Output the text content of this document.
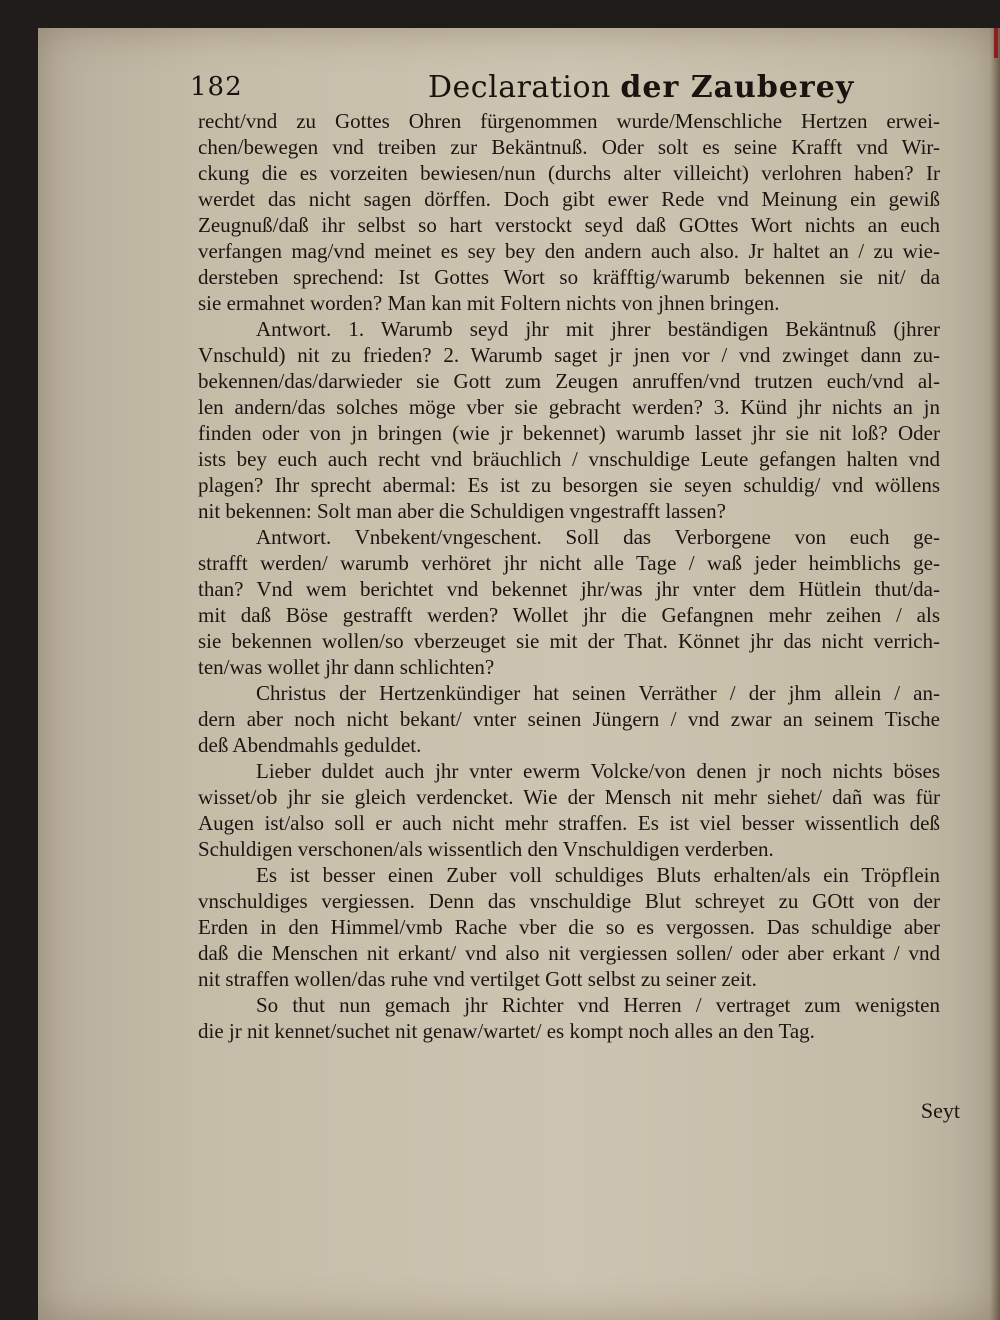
182	Declaration der Zauberey
recht/vnd zu Gottes Ohren fürgenommen wurde/Menschliche Hertzen erwei-
chen/bewegen vnd treiben zur Bekäntnuß. Oder solt es seine Krafft vnd Wir-
ckung die es vorzeiten bewiesen/nun (durchs alter villeicht) verlohren haben? Ir
werdet das nicht sagen dörffen. Doch gibt ewer Rede vnd Meinung ein gewiß
Zeugnuß/daß ihr selbst so hart verstockt seyd daß GOttes Wort nichts an euch
verfangen mag/vnd meinet es sey bey den andern auch also. Jr haltet an / zu wie-
dersteben sprechend: Ist Gottes Wort so kräfftig/warumb bekennen sie nit/ da
sie ermahnet worden? Man kan mit Foltern nichts von jhnen bringen.
Antwort. 1. Warumb seyd jhr mit jhrer beständigen Bekäntnuß (jhrer
Vnschuld) nit zu frieden? 2. Warumb saget jr jnen vor / vnd zwinget dann zu-
bekennen/das/darwieder sie Gott zum Zeugen anruffen/vnd trutzen euch/vnd al-
len andern/das solches möge vber sie gebracht werden? 3. Künd jhr nichts an jn
finden oder von jn bringen (wie jr bekennet) warumb lasset jhr sie nit loß? Oder
ists bey euch auch recht vnd bräuchlich / vnschuldige Leute gefangen halten vnd
plagen? Ihr sprecht abermal: Es ist zu besorgen sie seyen schuldig/ vnd wöllens
nit bekennen: Solt man aber die Schuldigen vngestrafft lassen?
Antwort. Vnbekent/vngeschent. Soll das Verborgene von euch ge-
strafft werden/ warumb verhöret jhr nicht alle Tage / waß jeder heimblichs ge-
than? Vnd wem berichtet vnd bekennet jhr/was jhr vnter dem Hütlein thut/da-
mit daß Böse gestrafft werden? Wollet jhr die Gefangnen mehr zeihen / als
sie bekennen wollen/so vberzeuget sie mit der That. Könnet jhr das nicht verrich-
ten/was wollet jhr dann schlichten?
Christus der Hertzenkündiger hat seinen Verräther / der jhm allein / an-
dern aber noch nicht bekant/ vnter seinen Jüngern / vnd zwar an seinem Tische
deß Abendmahls geduldet.
Lieber duldet auch jhr vnter ewerm Volcke/von denen jr noch nichts böses
wisset/ob jhr sie gleich verdencket. Wie der Mensch nit mehr siehet/ dañ was für
Augen ist/also soll er auch nicht mehr straffen. Es ist viel besser wissentlich deß
Schuldigen verschonen/als wissentlich den Vnschuldigen verderben.
Es ist besser einen Zuber voll schuldiges Bluts erhalten/als ein Tröpflein
vnschuldiges vergiessen. Denn das vnschuldige Blut schreyet zu GOtt von der
Erden in den Himmel/vmb Rache vber die so es vergossen. Das schuldige aber
daß die Menschen nit erkant/ vnd also nit vergiessen sollen/ oder aber erkant / vnd
nit straffen wollen/das ruhe vnd vertilget Gott selbst zu seiner zeit.
So thut nun gemach jhr Richter vnd Herren / vertraget zum wenigsten
die jr nit kennet/suchet nit genaw/wartet/ es kompt noch alles an den Tag.
Seyt
